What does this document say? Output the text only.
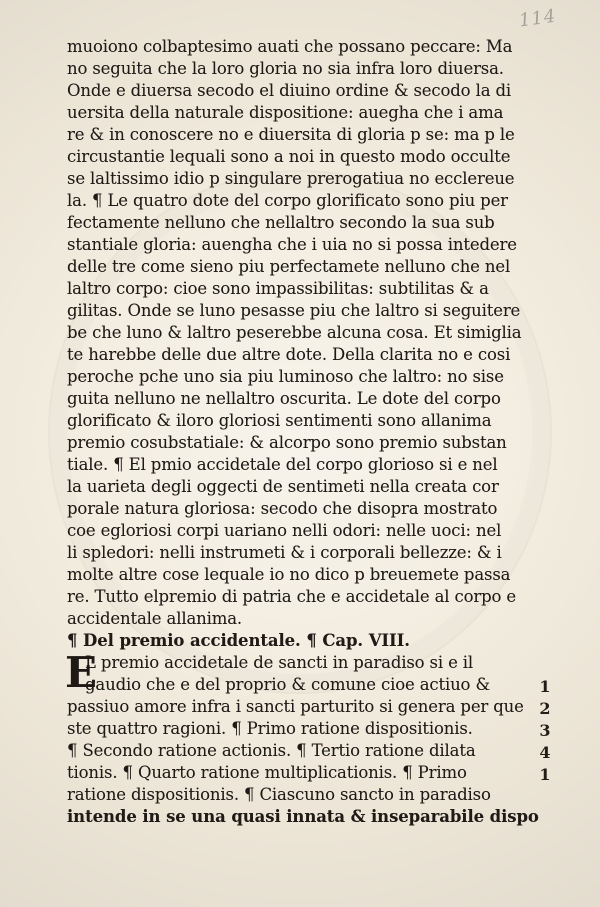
114
muoiono colbaptesimo auati che possano peccare: Ma
no seguita che la loro gloria no sia infra loro diuersa.
Onde e diuersa secodo el diuino ordine & secodo la di
uersita della naturale dispositione: auegha che i ama
re & in conoscere no e diuersita di gloria p se: ma p le
circustantie lequali sono a noi in questo modo occulte
se laltissimo idio p singulare prerogatiua no ecclereue
la. ¶ Le quatro dote del corpo glorificato sono piu per
fectamente nelluno che nellaltro secondo la sua sub
stantiale gloria: auengha che i uia no si possa intedere
delle tre come sieno piu perfectamete nelluno che nel
laltro corpo: cioe sono impassibilitas: subtilitas & a
gilitas. Onde se luno pesasse piu che laltro si seguitere
be che luno & laltro peserebbe alcuna cosa. Et simiglia
te harebbe delle due altre dote. Della clarita no e cosi
peroche pche uno sia piu luminoso che laltro: no sise
guita nelluno ne nellaltro oscurita. Le dote del corpo
glorificato & iloro gloriosi sentimenti sono allanima
premio cosubstatiale: & alcorpo sono premio substan
tiale. ¶ El pmio accidetale del corpo glorioso si e nel
la uarieta degli oggecti de sentimeti nella creata cor
porale natura gloriosa: secodo che disopra mostrato
coe egloriosi corpi uariano nelli odori: nelle uoci: nel
li spledori: nelli instrumeti & i corporali bellezze: & i
molte altre cose lequale io no dico p breuemete passa
re. Tutto elpremio di patria che e accidetale al corpo e
accidentale allanima.
¶ Del premio accidentale. ¶ Cap. VIII.
E
L premio accidetale de sancti in paradiso si e il
gaudio che e del proprio & comune cioe actiuo &
passiuo amore infra i sancti parturito si genera per que
ste quattro ragioni. ¶ Primo ratione dispositionis.
¶ Secondo ratione actionis. ¶ Tertio ratione dilata
tionis. ¶ Quarto ratione multiplicationis. ¶ Primo
ratione dispositionis. ¶ Ciascuno sancto in paradiso
intende in se una quasi innata & inseparabile dispo
1
2
3
4
1
